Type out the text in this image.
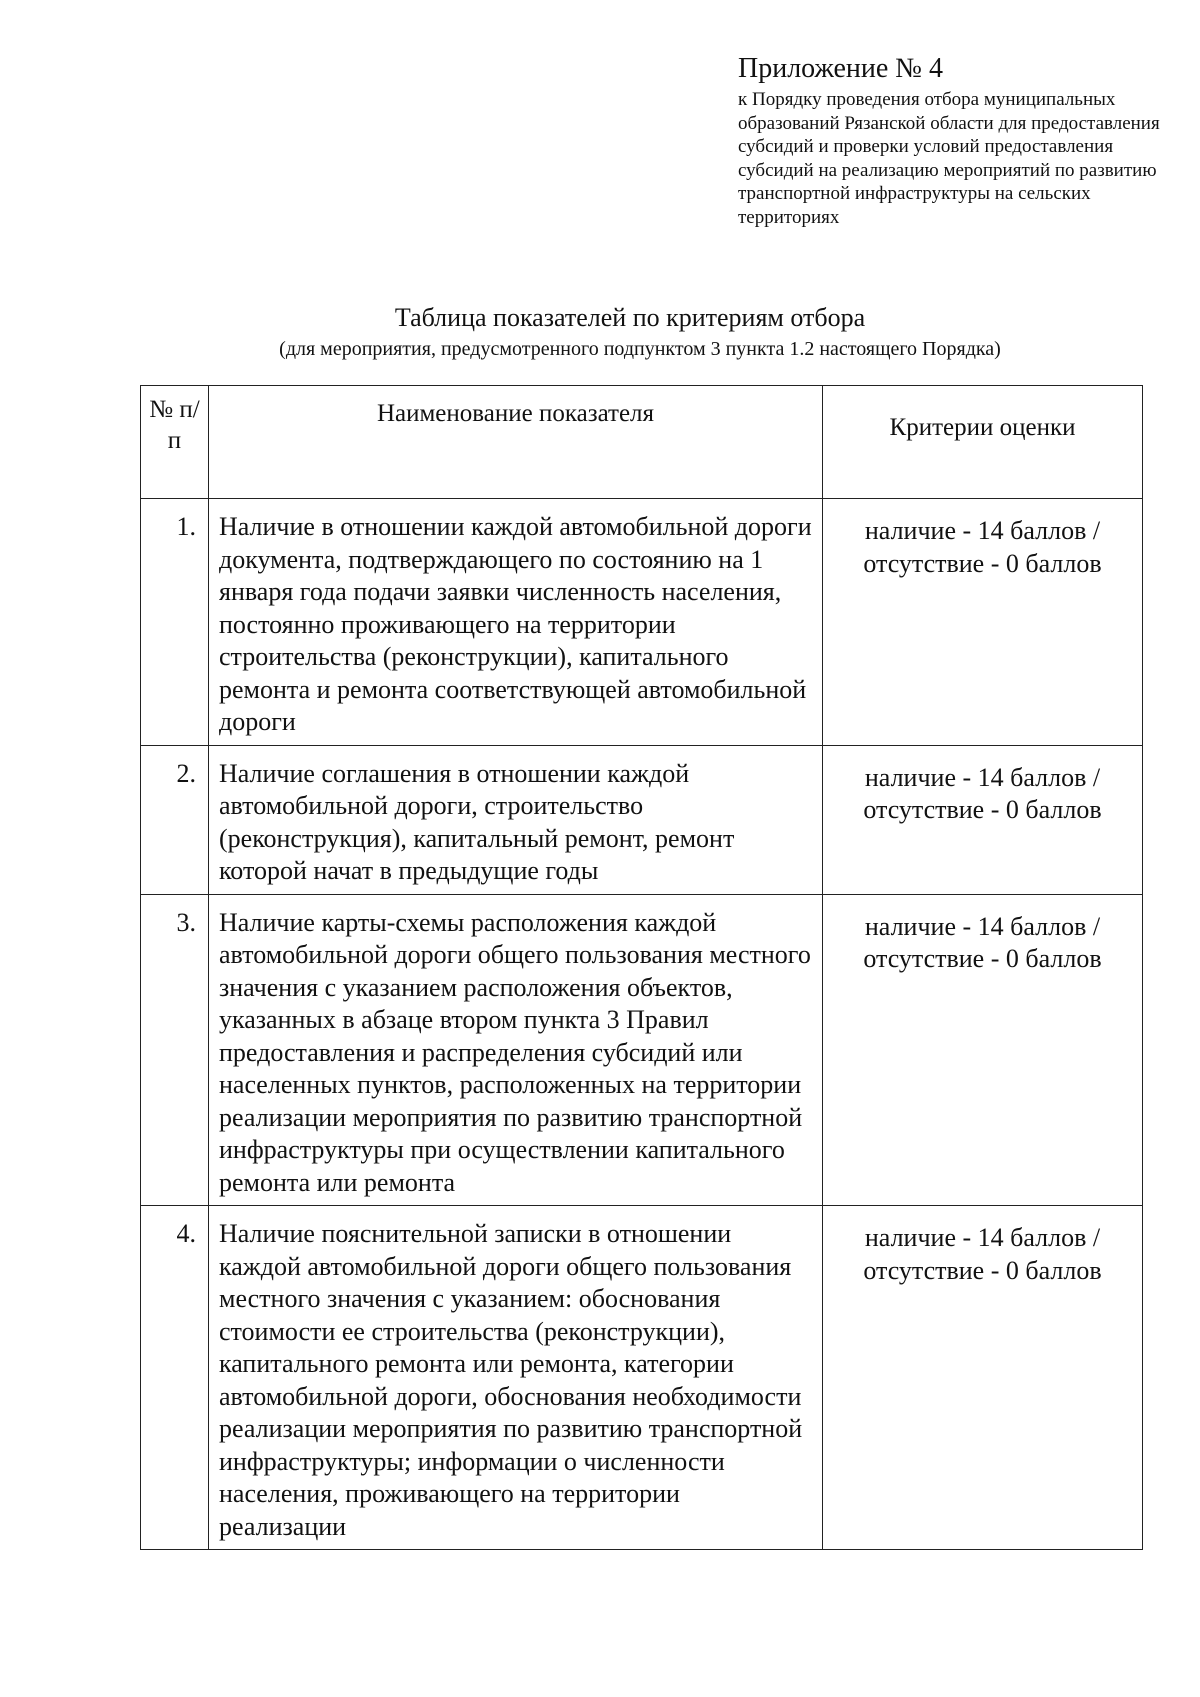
Приложение № 4

к Порядку проведения отбора муниципальных образований Рязанской области для предоставления субсидий и проверки условий предоставления субсидий на реализацию мероприятий по развитию транспортной инфраструктуры на сельских территориях

Таблица показателей по критериям отбора

(для мероприятия, предусмотренного подпунктом 3 пункта 1.2 настоящего Порядка)

№ п/п	Наименование показателя	Критерии оценки
1.	Наличие в отношении каждой автомобильной дороги документа, подтверждающего по состоянию на 1 января года подачи заявки численность населения, постоянно проживающего на территории строительства (реконструкции), капитального ремонта и ремонта соответствующей автомобильной дороги	наличие - 14 баллов / отсутствие - 0 баллов
2.	Наличие соглашения в отношении каждой автомобильной дороги, строительство (реконструкция), капитальный ремонт, ремонт которой начат в предыдущие годы	наличие - 14 баллов / отсутствие - 0 баллов
3.	Наличие карты-схемы расположения каждой автомобильной дороги общего пользования местного значения с указанием расположения объектов, указанных в абзаце втором пункта 3 Правил предоставления и распределения субсидий или населенных пунктов, расположенных на территории реализации мероприятия по развитию транспортной инфраструктуры при осуществлении капитального ремонта или ремонта	наличие - 14 баллов / отсутствие - 0 баллов
4.	Наличие пояснительной записки в отношении каждой автомобильной дороги общего пользования местного значения с указанием: обоснования стоимости ее строительства (реконструкции), капитального ремонта или ремонта, категории автомобильной дороги, обоснования необходимости реализации мероприятия по развитию транспортной инфраструктуры; информации о численности населения, проживающего на территории реализации	наличие - 14 баллов / отсутствие - 0 баллов
